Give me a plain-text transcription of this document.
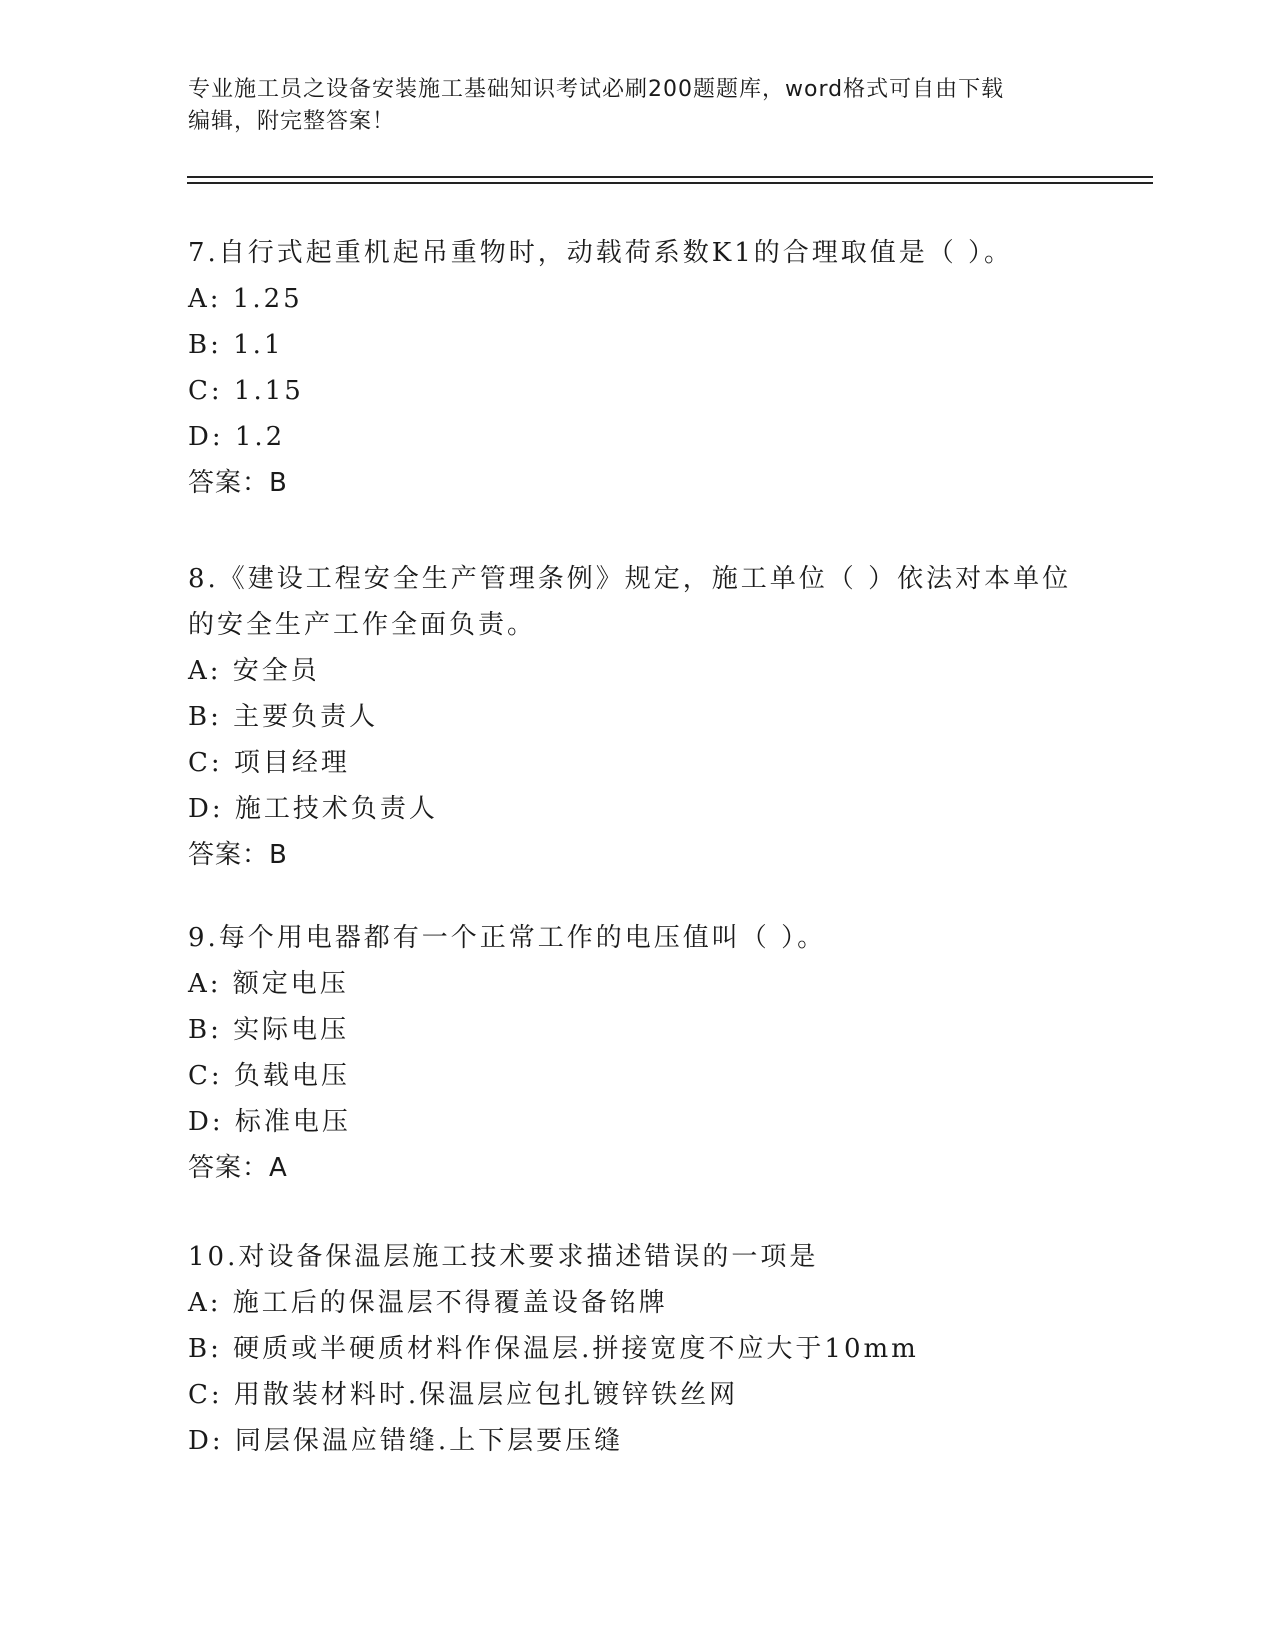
专业施工员之设备安装施工基础知识考试必刷200题题库，word格式可自由下载
编辑，附完整答案！
7.自行式起重机起吊重物时，动载荷系数K1的合理取值是（ ）。
A: 1.25
B: 1.1
C: 1.15
D: 1.2
答案：B
8.《建设工程安全生产管理条例》规定，施工单位（ ）依法对本单位
的安全生产工作全面负责。
A: 安全员
B: 主要负责人
C: 项目经理
D: 施工技术负责人
答案：B
9.每个用电器都有一个正常工作的电压值叫（ ）。
A: 额定电压
B: 实际电压
C: 负载电压
D: 标准电压
答案：A
10.对设备保温层施工技术要求描述错误的一项是
A: 施工后的保温层不得覆盖设备铭牌
B: 硬质或半硬质材料作保温层.拼接宽度不应大于10mm
C: 用散装材料时.保温层应包扎镀锌铁丝网
D: 同层保温应错缝.上下层要压缝
